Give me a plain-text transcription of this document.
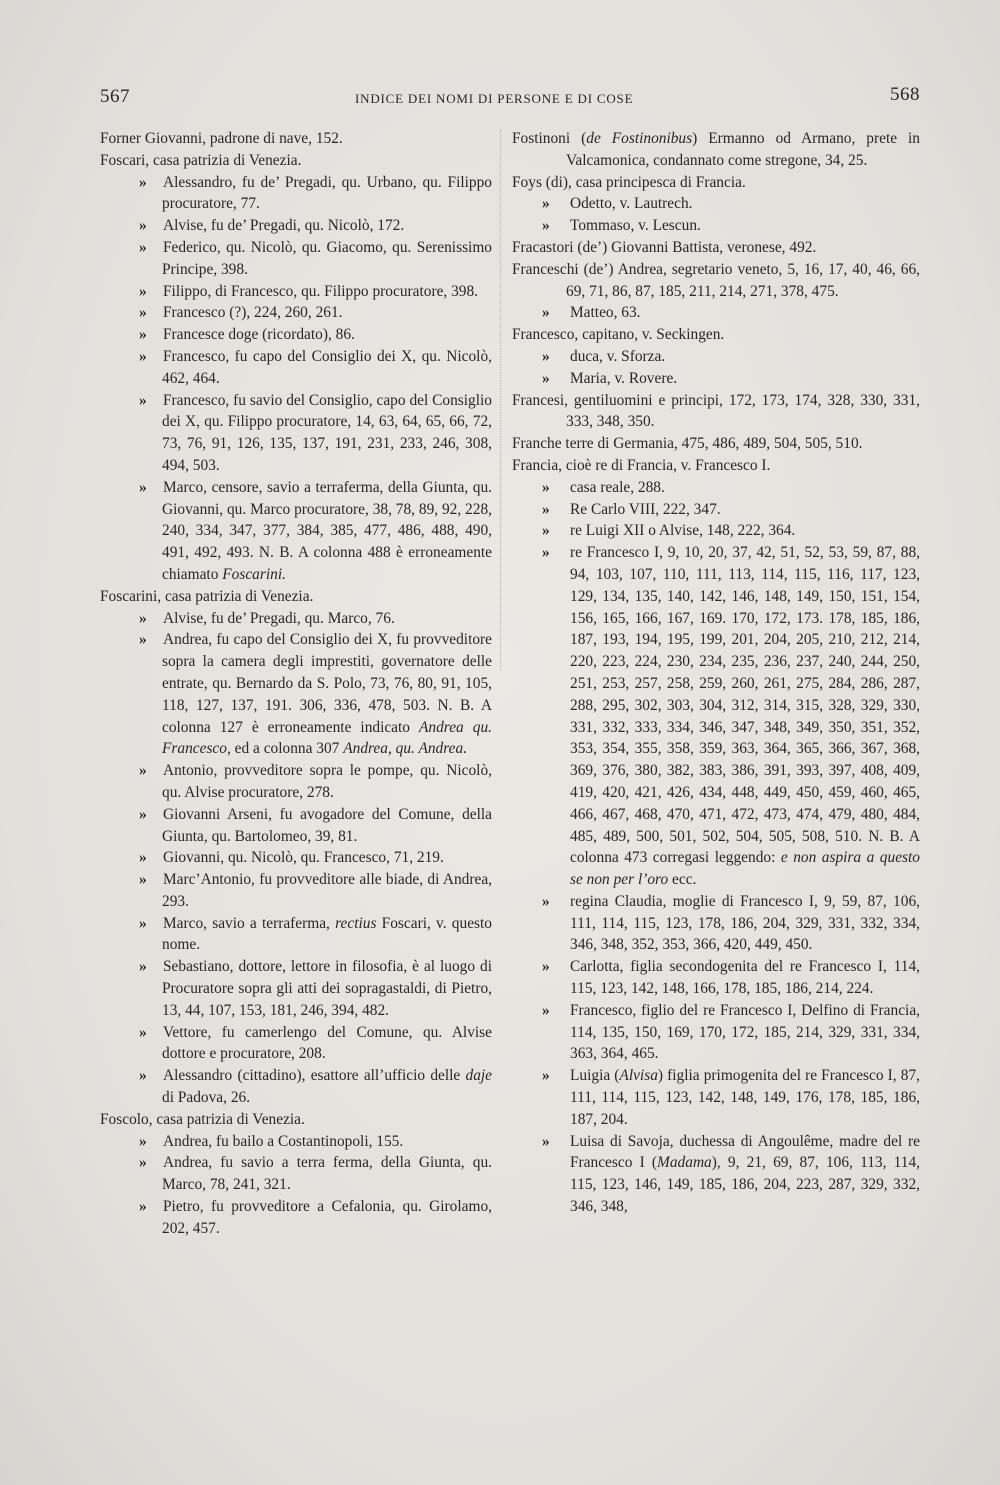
567	INDICE DEI NOMI DI PERSONE E DI COSE	568

Forner Giovanni, padrone di nave, 152.

Foscari, casa patrizia di Venezia.

» Alessandro, fu de’ Pregadi, qu. Urbano, qu. Filippo procuratore, 77.

» Alvise, fu de’ Pregadi, qu. Nicolò, 172.

» Federico, qu. Nicolò, qu. Giacomo, qu. Serenissimo Principe, 398.

» Filippo, di Francesco, qu. Filippo procuratore, 398.

» Francesco (?), 224, 260, 261.

» Francesce doge (ricordato), 86.

» Francesco, fu capo del Consiglio dei X, qu. Nicolò, 462, 464.

» Francesco, fu savio del Consiglio, capo del Consiglio dei X, qu. Filippo procuratore, 14, 63, 64, 65, 66, 72, 73, 76, 91, 126, 135, 137, 191, 231, 233, 246, 308, 494, 503.

» Marco, censore, savio a terraferma, della Giunta, qu. Giovanni, qu. Marco procuratore, 38, 78, 89, 92, 228, 240, 334, 347, 377, 384, 385, 477, 486, 488, 490, 491, 492, 493. N. B. A colonna 488 è erroneamente chiamato Foscarini.

Foscarini, casa patrizia di Venezia.

» Alvise, fu de’ Pregadi, qu. Marco, 76.

» Andrea, fu capo del Consiglio dei X, fu provveditore sopra la camera degli imprestiti, governatore delle entrate, qu. Bernardo da S. Polo, 73, 76, 80, 91, 105, 118, 127, 137, 191. 306, 336, 478, 503. N. B. A colonna 127 è erroneamente indicato Andrea qu. Francesco, ed a colonna 307 Andrea, qu. Andrea.

» Antonio, provveditore sopra le pompe, qu. Nicolò, qu. Alvise procuratore, 278.

» Giovanni Arseni, fu avogadore del Comune, della Giunta, qu. Bartolomeo, 39, 81.

» Giovanni, qu. Nicolò, qu. Francesco, 71, 219.

» Marc’Antonio, fu provveditore alle biade, di Andrea, 293.

» Marco, savio a terraferma, rectius Foscari, v. questo nome.

» Sebastiano, dottore, lettore in filosofia, è al luogo di Procuratore sopra gli atti dei sopragastaldi, di Pietro, 13, 44, 107, 153, 181, 246, 394, 482.

» Vettore, fu camerlengo del Comune, qu. Alvise dottore e procuratore, 208.

» Alessandro (cittadino), esattore all’ufficio delle daje di Padova, 26.

Foscolo, casa patrizia di Venezia.

» Andrea, fu bailo a Costantinopoli, 155.

» Andrea, fu savio a terra ferma, della Giunta, qu. Marco, 78, 241, 321.

» Pietro, fu provveditore a Cefalonia, qu. Girolamo, 202, 457.

Fostinoni (de Fostinonibus) Ermanno od Armano, prete in Valcamonica, condannato come stregone, 34, 25.

Foys (di), casa principesca di Francia.

» Odetto, v. Lautrech.

» Tommaso, v. Lescun.

Fracastori (de’) Giovanni Battista, veronese, 492.

Franceschi (de’) Andrea, segretario veneto, 5, 16, 17, 40, 46, 66, 69, 71, 86, 87, 185, 211, 214, 271, 378, 475.

» Matteo, 63.

Francesco, capitano, v. Seckingen.

» duca, v. Sforza.

» Maria, v. Rovere.

Francesi, gentiluomini e principi, 172, 173, 174, 328, 330, 331, 333, 348, 350.

Franche terre di Germania, 475, 486, 489, 504, 505, 510.

Francia, cioè re di Francia, v. Francesco I.

» casa reale, 288.

» Re Carlo VIII, 222, 347.

» re Luigi XII o Alvise, 148, 222, 364.

» re Francesco I, 9, 10, 20, 37, 42, 51, 52, 53, 59, 87, 88, 94, 103, 107, 110, 111, 113, 114, 115, 116, 117, 123, 129, 134, 135, 140, 142, 146, 148, 149, 150, 151, 154, 156, 165, 166, 167, 169. 170, 172, 173. 178, 185, 186, 187, 193, 194, 195, 199, 201, 204, 205, 210, 212, 214, 220, 223, 224, 230, 234, 235, 236, 237, 240, 244, 250, 251, 253, 257, 258, 259, 260, 261, 275, 284, 286, 287, 288, 295, 302, 303, 304, 312, 314, 315, 328, 329, 330, 331, 332, 333, 334, 346, 347, 348, 349, 350, 351, 352, 353, 354, 355, 358, 359, 363, 364, 365, 366, 367, 368, 369, 376, 380, 382, 383, 386, 391, 393, 397, 408, 409, 419, 420, 421, 426, 434, 448, 449, 450, 459, 460, 465, 466, 467, 468, 470, 471, 472, 473, 474, 479, 480, 484, 485, 489, 500, 501, 502, 504, 505, 508, 510. N. B. A colonna 473 corregasi leggendo: e non aspira a questo se non per l’oro ecc.

» regina Claudia, moglie di Francesco I, 9, 59, 87, 106, 111, 114, 115, 123, 178, 186, 204, 329, 331, 332, 334, 346, 348, 352, 353, 366, 420, 449, 450.

» Carlotta, figlia secondogenita del re Francesco I, 114, 115, 123, 142, 148, 166, 178, 185, 186, 214, 224.

» Francesco, figlio del re Francesco I, Delfino di Francia, 114, 135, 150, 169, 170, 172, 185, 214, 329, 331, 334, 363, 364, 465.

» Luigia (Alvisa) figlia primogenita del re Francesco I, 87, 111, 114, 115, 123, 142, 148, 149, 176, 178, 185, 186, 187, 204.

» Luisa di Savoja, duchessa di Angoulême, madre del re Francesco I (Madama), 9, 21, 69, 87, 106, 113, 114, 115, 123, 146, 149, 185, 186, 204, 223, 287, 329, 332, 346, 348,
